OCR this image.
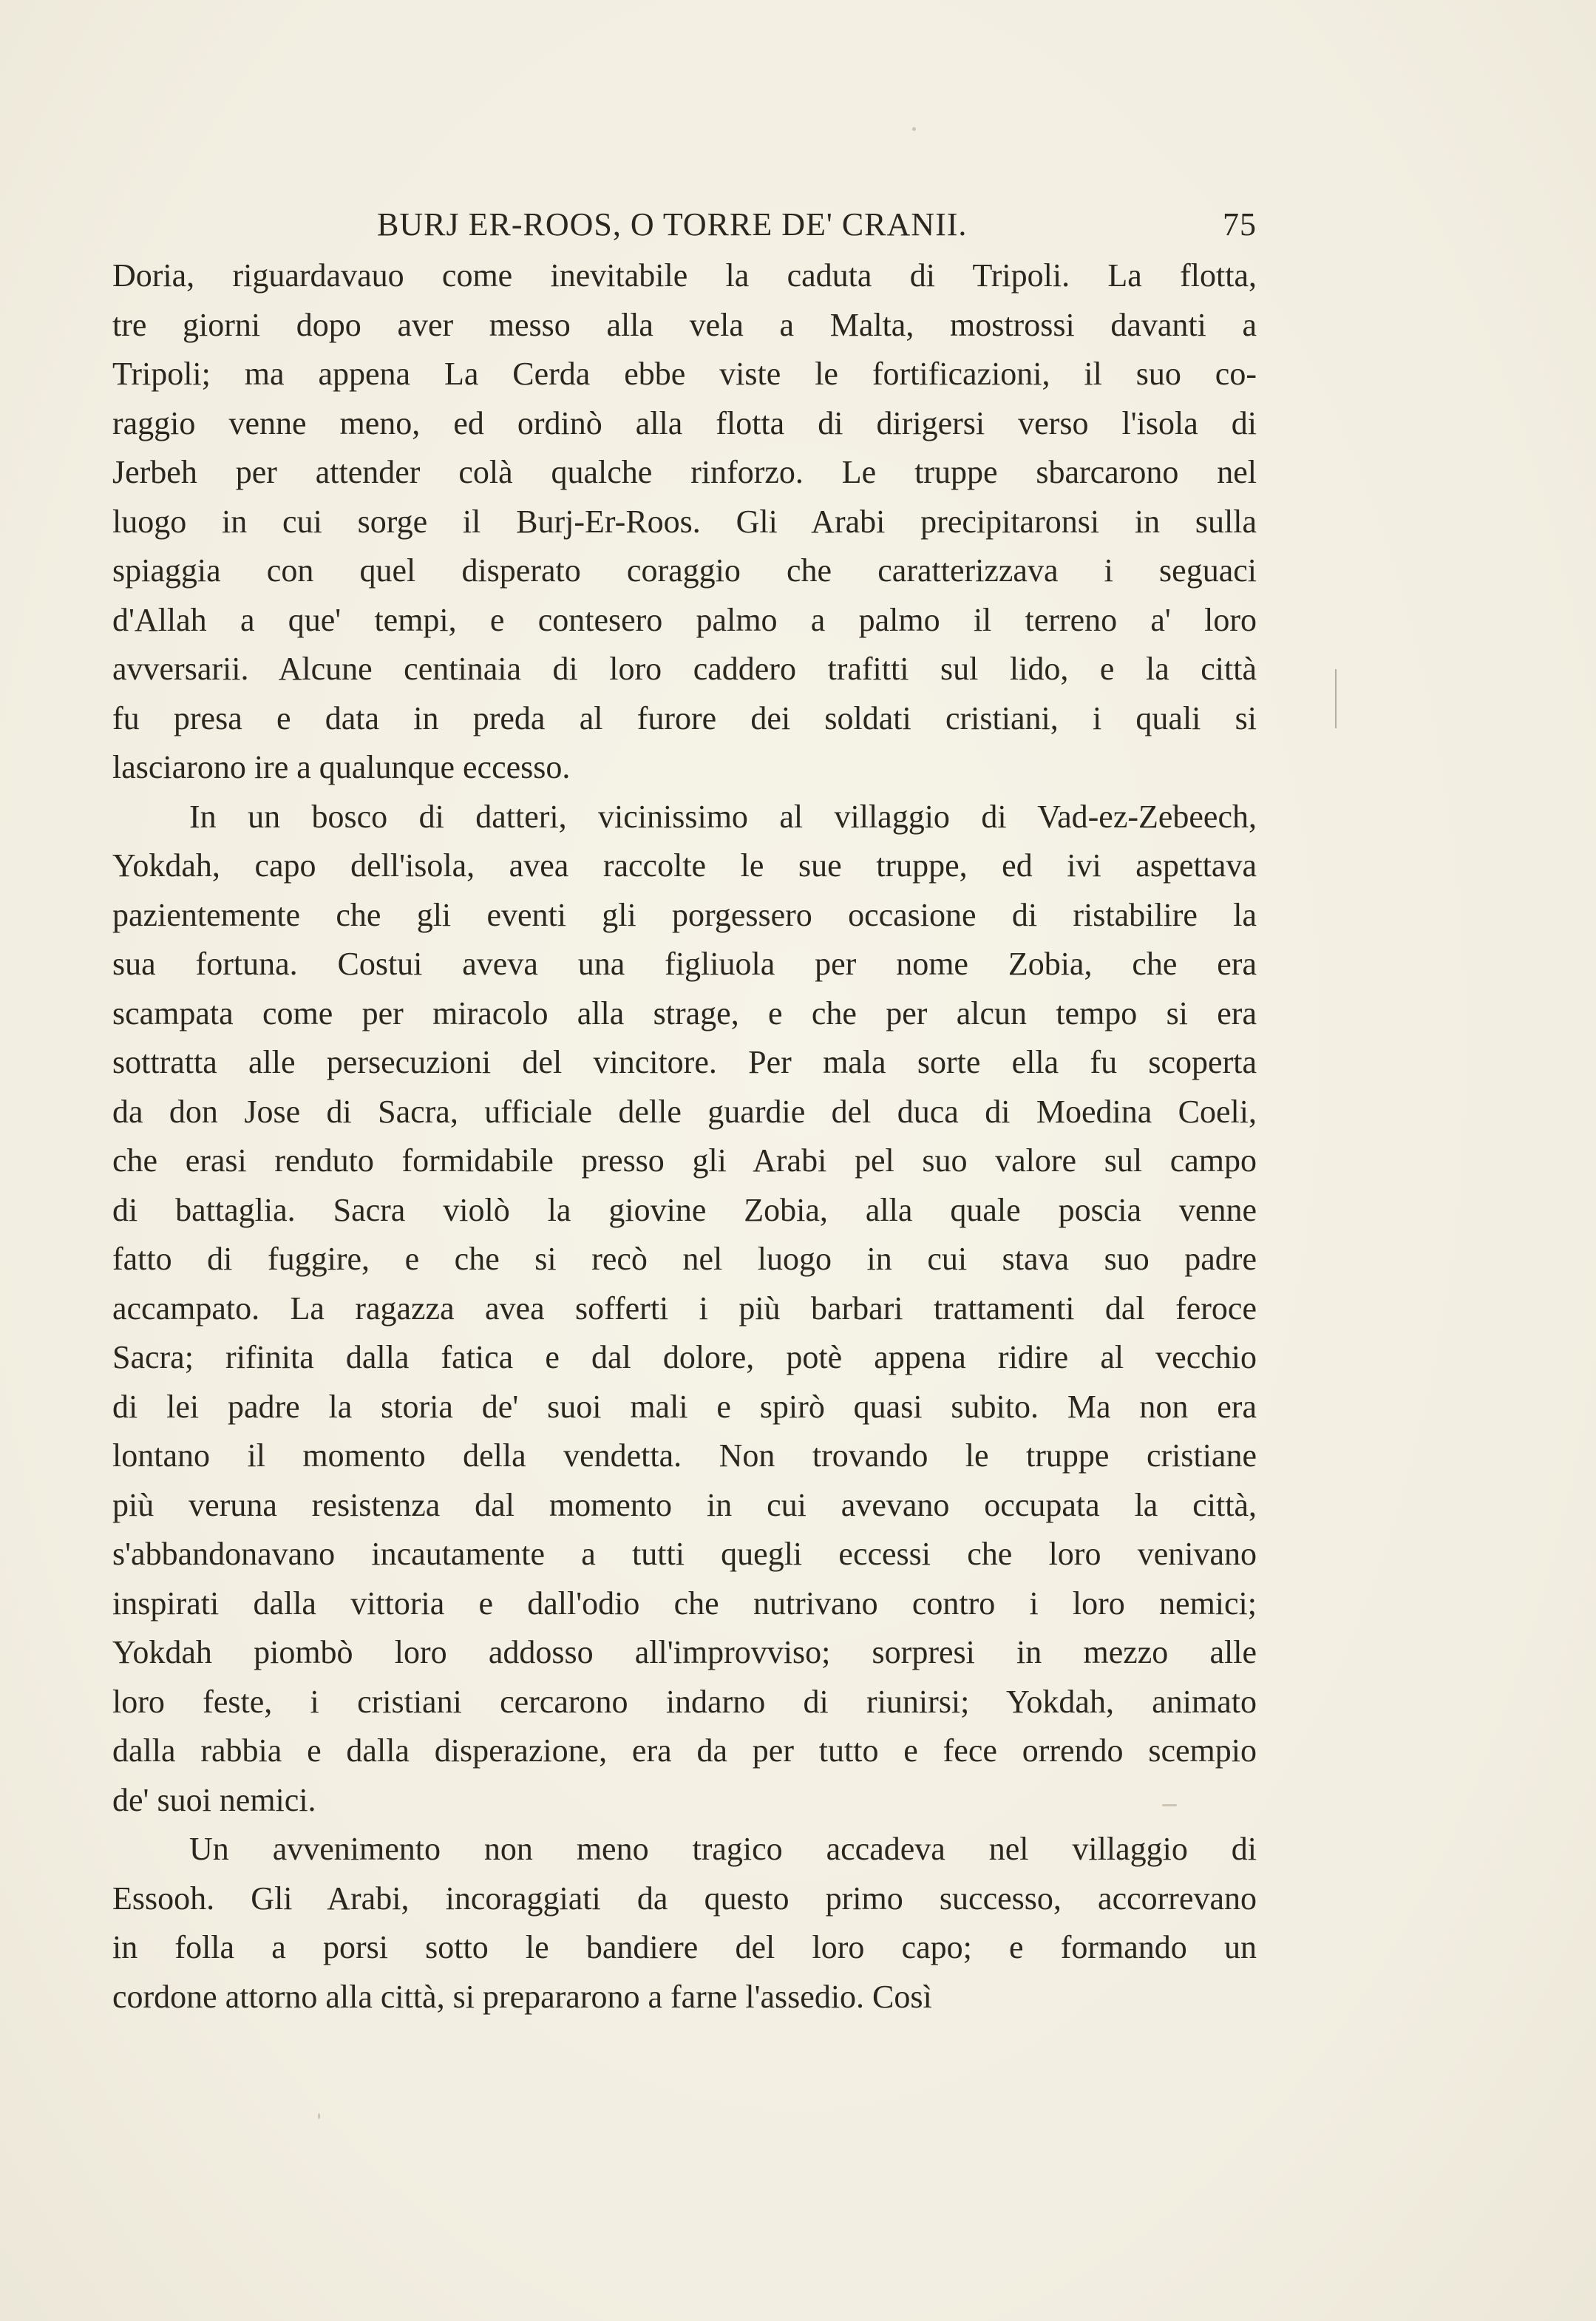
BURJ ER-ROOS, O TORRE DE' CRANII.	75

Doria, riguardavauo come inevitabile la caduta di Tripoli. La flotta,
tre giorni dopo aver messo alla vela a Malta, mostrossi davanti a
Tripoli; ma appena La Cerda ebbe viste le fortificazioni, il suo co-
raggio venne meno, ed ordinò alla flotta di dirigersi verso l'isola di
Jerbeh per attender colà qualche rinforzo. Le truppe sbarcarono nel
luogo in cui sorge il Burj-Er-Roos. Gli Arabi precipitaronsi in sulla
spiaggia con quel disperato coraggio che caratterizzava i seguaci
d'Allah a que' tempi, e contesero palmo a palmo il terreno a' loro
avversarii. Alcune centinaia di loro caddero trafitti sul lido, e la città
fu presa e data in preda al furore dei soldati cristiani, i quali si
lasciarono ire a qualunque eccesso.

In un bosco di datteri, vicinissimo al villaggio di Vad-ez-Zebeech,
Yokdah, capo dell'isola, avea raccolte le sue truppe, ed ivi aspettava
pazientemente che gli eventi gli porgessero occasione di ristabilire la
sua fortuna. Costui aveva una figliuola per nome Zobia, che era
scampata come per miracolo alla strage, e che per alcun tempo si era
sottratta alle persecuzioni del vincitore. Per mala sorte ella fu scoperta
da don Jose di Sacra, ufficiale delle guardie del duca di Moedina Coeli,
che erasi renduto formidabile presso gli Arabi pel suo valore sul campo
di battaglia. Sacra violò la giovine Zobia, alla quale poscia venne
fatto di fuggire, e che si recò nel luogo in cui stava suo padre
accampato. La ragazza avea sofferti i più barbari trattamenti dal feroce
Sacra; rifinita dalla fatica e dal dolore, potè appena ridire al vecchio
di lei padre la storia de' suoi mali e spirò quasi subito. Ma non era
lontano il momento della vendetta. Non trovando le truppe cristiane
più veruna resistenza dal momento in cui avevano occupata la città,
s'abbandonavano incautamente a tutti quegli eccessi che loro venivano
inspirati dalla vittoria e dall'odio che nutrivano contro i loro nemici;
Yokdah piombò loro addosso all'improvviso; sorpresi in mezzo alle
loro feste, i cristiani cercarono indarno di riunirsi; Yokdah, animato
dalla rabbia e dalla disperazione, era da per tutto e fece orrendo scempio
de' suoi nemici.

Un avvenimento non meno tragico accadeva nel villaggio di
Essooh. Gli Arabi, incoraggiati da questo primo successo, accorrevano
in folla a porsi sotto le bandiere del loro capo; e formando un
cordone attorno alla città, si prepararono a farne l'assedio. Così
